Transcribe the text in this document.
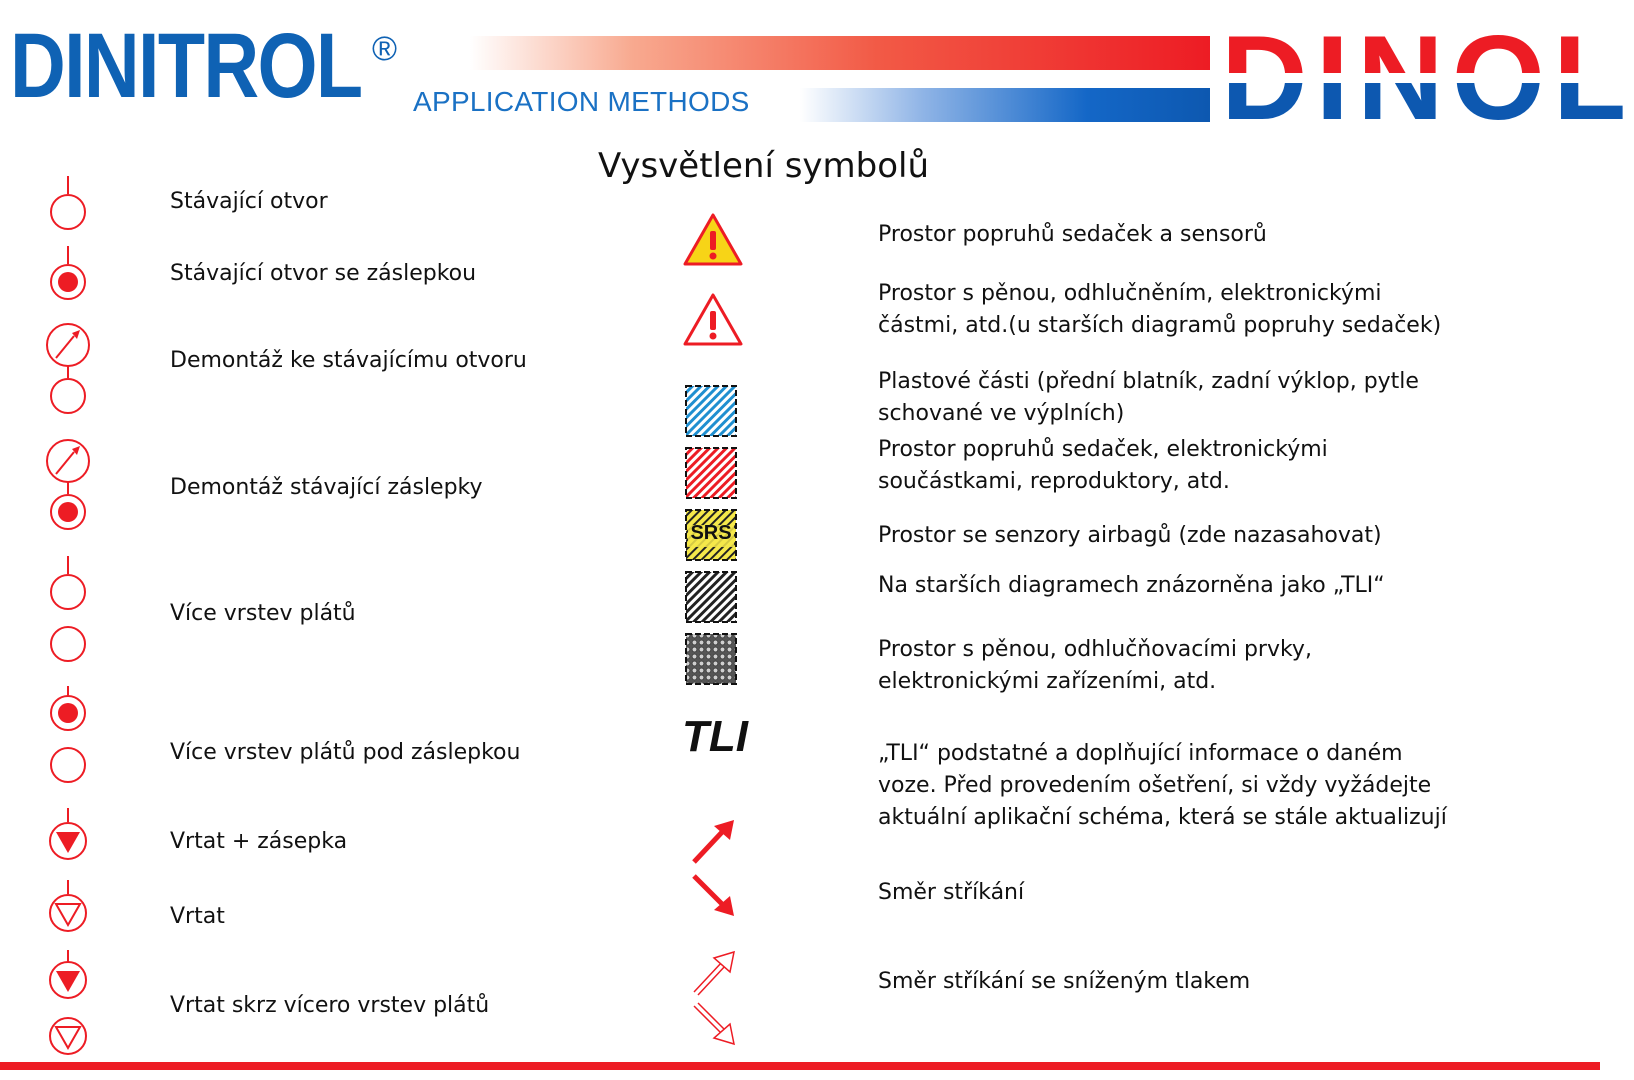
DINITROL ®
APPLICATION METHODS	DINOL
Vysvětlení symbolů
Stávající otvor
Stávající otvor se záslepkou
Demontáž ke stávajícímu otvoru
Demontáž stávající záslepky
Více vrstev plátů
Více vrstev plátů pod záslepkou
Vrtat + zásepka
Vrtat
Vrtat skrz vícero vrstev plátů
SRS
TLI
Prostor popruhů sedaček a sensorů
Prostor s pěnou, odhlučněním, elektronickými
částmi, atd.(u starších diagramů popruhy sedaček)
Plastové části (přední blatník, zadní výklop, pytle
schované ve výplních)
Prostor popruhů sedaček, elektronickými
součástkami, reproduktory, atd.
Prostor se senzory airbagů (zde nazasahovat)
Na starších diagramech znázorněna jako „TLI“
Prostor s pěnou, odhlučňovacími prvky,
elektronickými zařízeními, atd.
„TLI“ podstatné a doplňující informace o daném
voze. Před provedením ošetření, si vždy vyžádejte
aktuální aplikační schéma, která se stále aktualizují
Směr stříkání
Směr stříkání se sníženým tlakem
